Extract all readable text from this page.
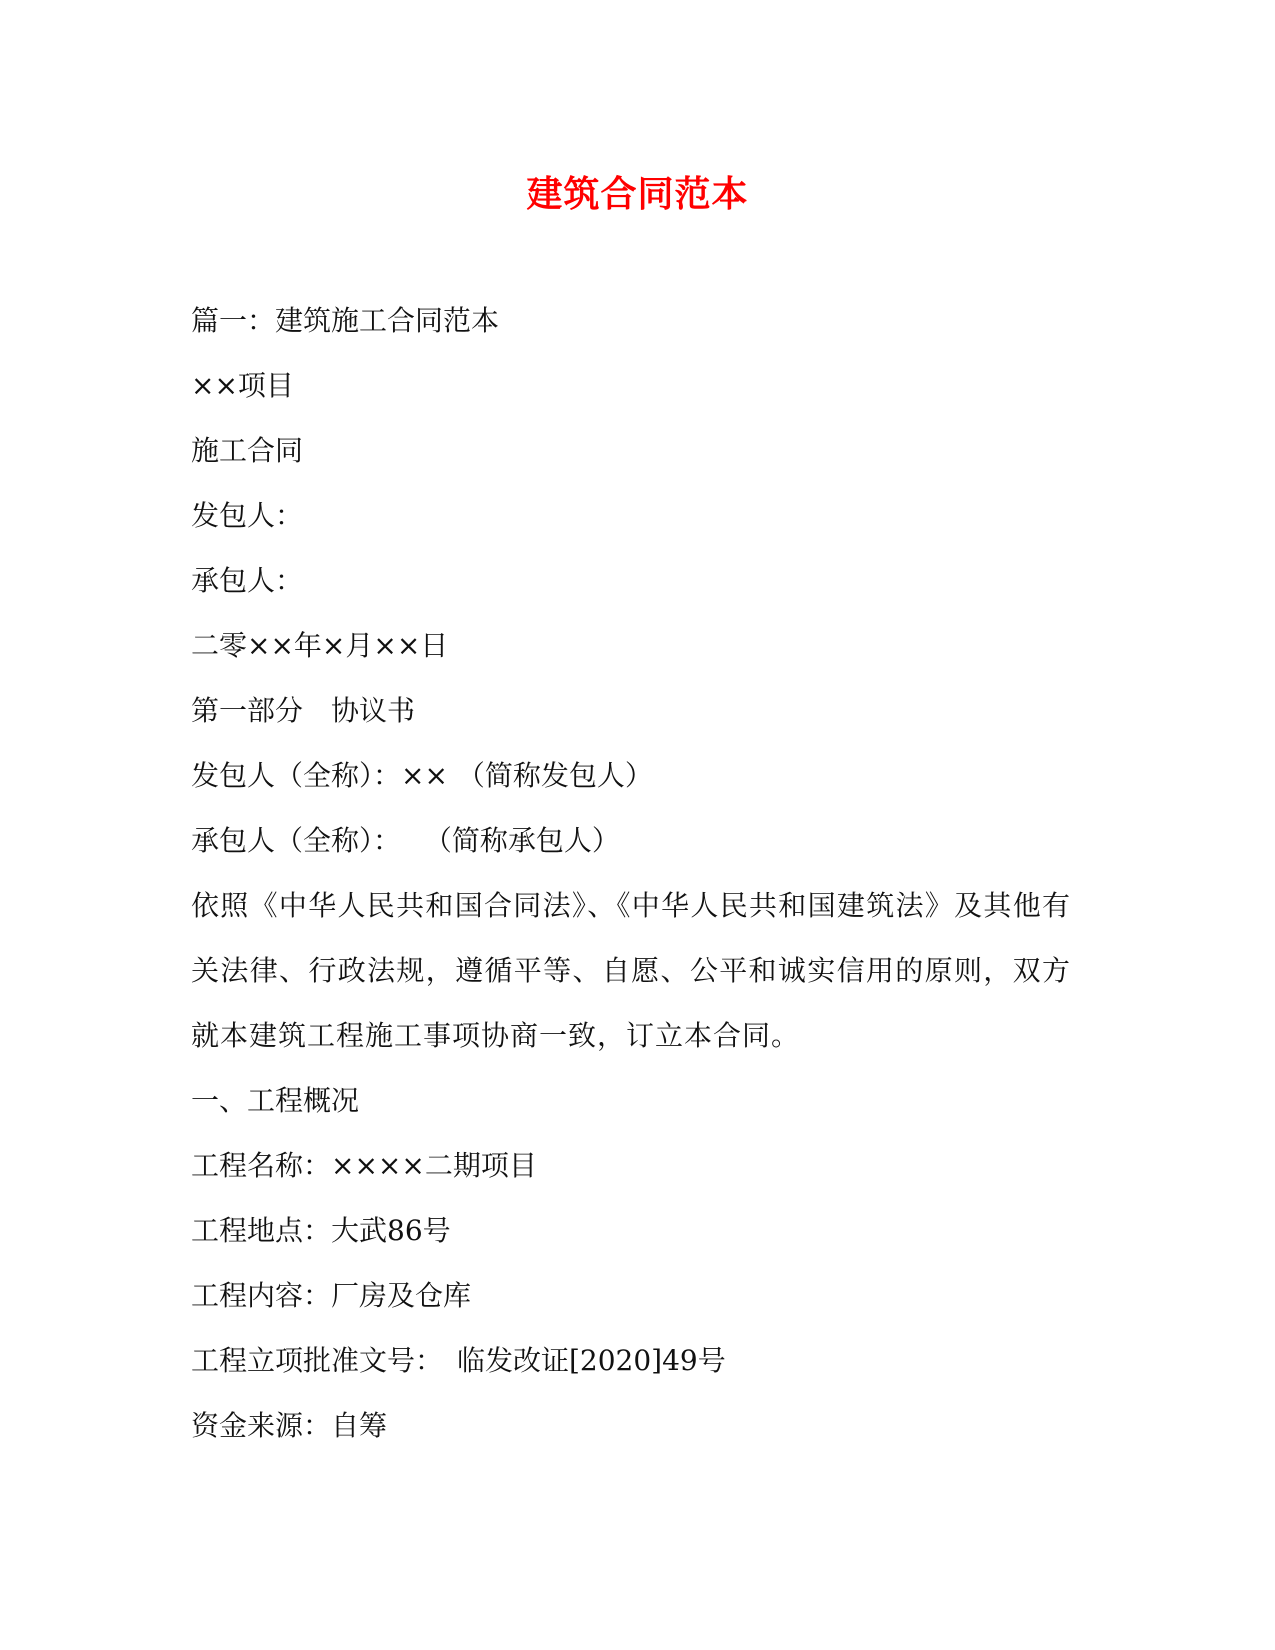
建筑合同范本
篇一：建筑施工合同范本
××项目
施工合同
发包人：
承包人：
二零××年×月××日
第一部分　协议书
发包人（全称）：×× （简称发包人）
承包人（全称）：　 （简称承包人）
依照《中华人民共和国合同法》、《中华人民共和国建筑法》及其他有关法律、行政法规，遵循平等、自愿、公平和诚实信用的原则，双方就本建筑工程施工事项协商一致，订立本合同。
一、工程概况
工程名称：××××二期项目
工程地点：大武86号
工程内容：厂房及仓库
工程立项批准文号：　临发改证[2020]49号
资金来源：自筹
